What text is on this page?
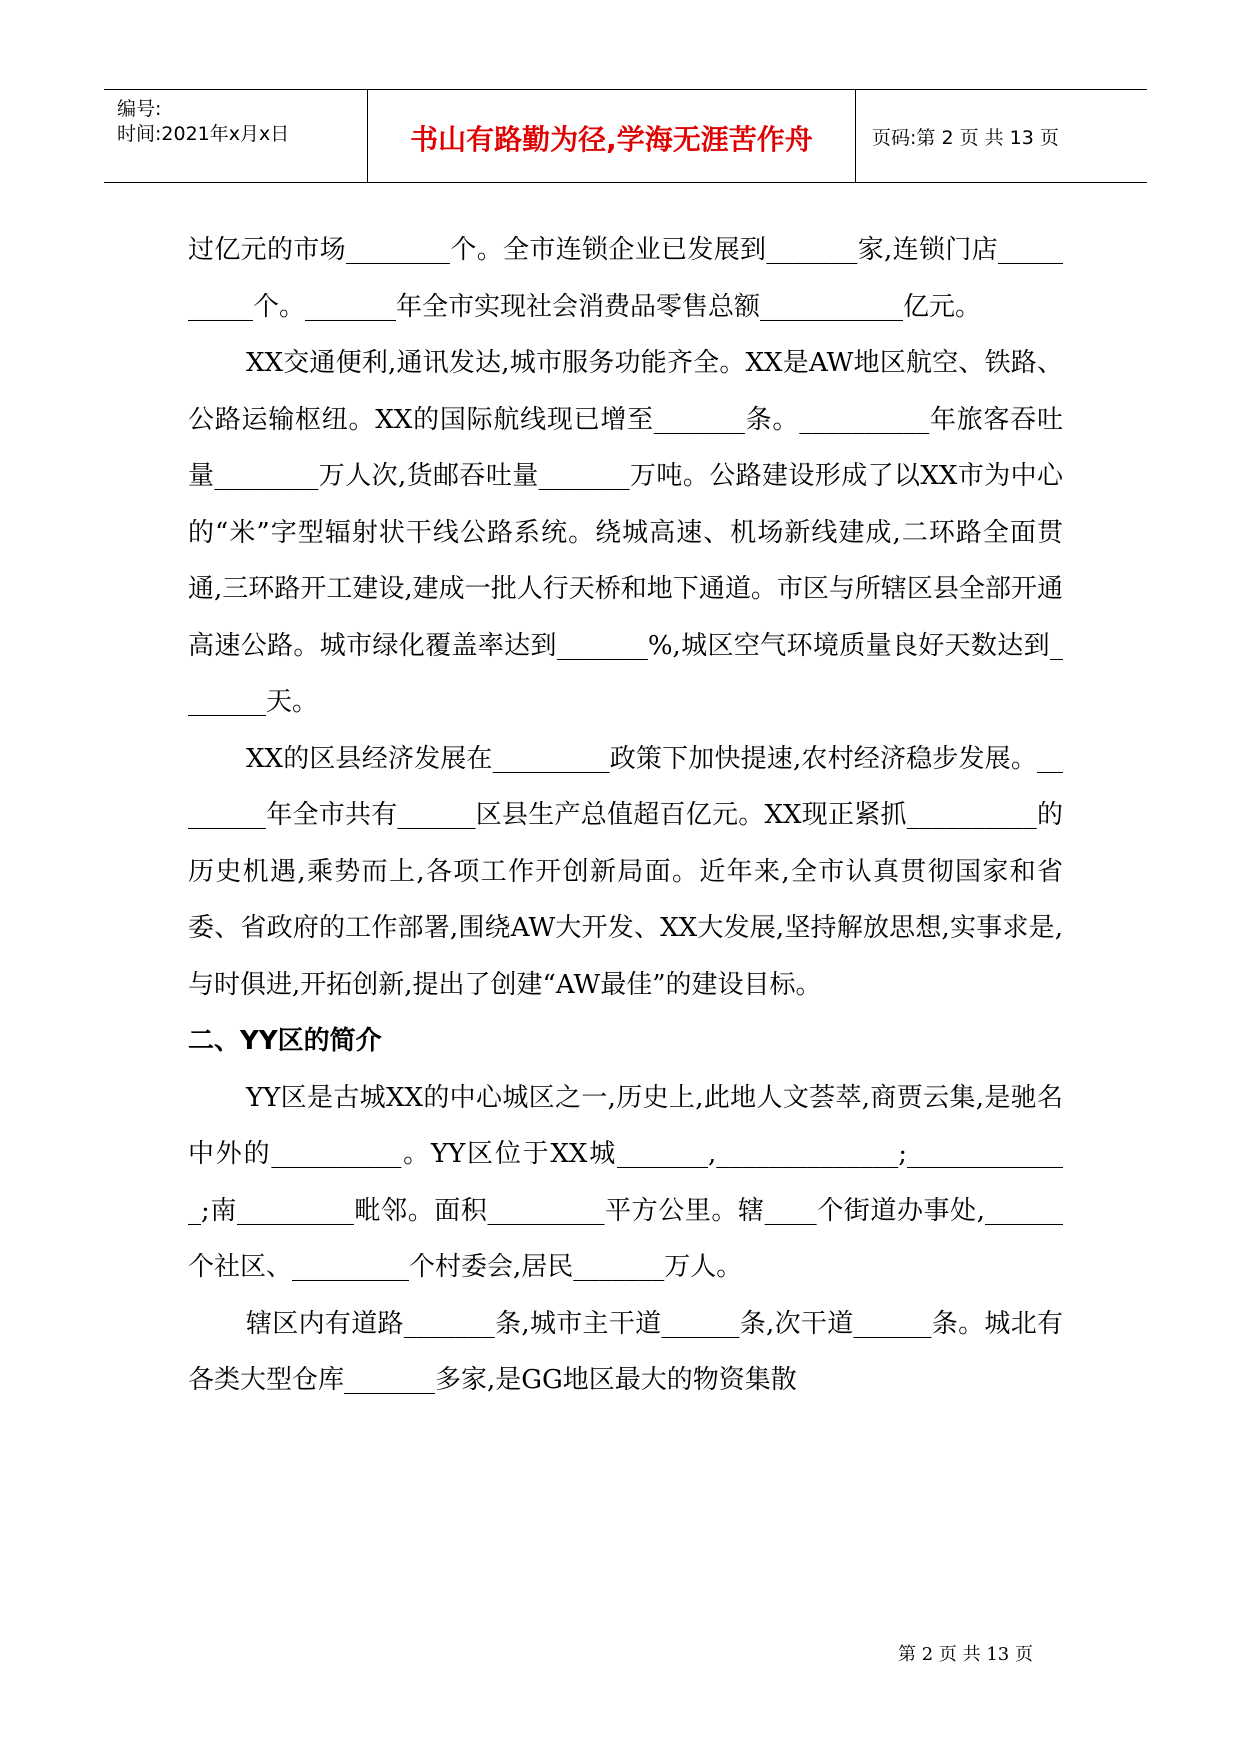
编号:
时间:2021年x月x日	书山有路勤为径,学海无涯苦作舟	页码:第 2 页 共 13 页

过亿元的市场________个。全市连锁企业已发展到_______家,连锁门店__________个。_______年全市实现社会消费品零售总额___________亿元。

XX交通便利,通讯发达,城市服务功能齐全。XX是AW地区航空、铁路、公路运输枢纽。XX的国际航线现已增至_______条。__________年旅客吞吐量________万人次,货邮吞吐量_______万吨。公路建设形成了以XX市为中心的“米”字型辐射状干线公路系统。绕城高速、机场新线建成,二环路全面贯通,三环路开工建设,建成一批人行天桥和地下通道。市区与所辖区县全部开通高速公路。城市绿化覆盖率达到_______%,城区空气环境质量良好天数达到_______天。

XX的区县经济发展在_________政策下加快提速,农村经济稳步发展。________年全市共有______区县生产总值超百亿元。XX现正紧抓__________的历史机遇,乘势而上,各项工作开创新局面。近年来,全市认真贯彻国家和省委、省政府的工作部署,围绕AW大开发、XX大发展,坚持解放思想,实事求是,与时俱进,开拓创新,提出了创建“AW最佳”的建设目标。

二、YY区的简介

YY区是古城XX的中心城区之一,历史上,此地人文荟萃,商贾云集,是驰名中外的__________。YY区位于XX城_______,______________;_____________;南_________毗邻。面积_________平方公里。辖____个街道办事处,______个社区、_________个村委会,居民_______万人。

辖区内有道路_______条,城市主干道______条,次干道______条。城北有各类大型仓库_______多家,是GG地区最大的物资集散

第 2 页 共 13 页
